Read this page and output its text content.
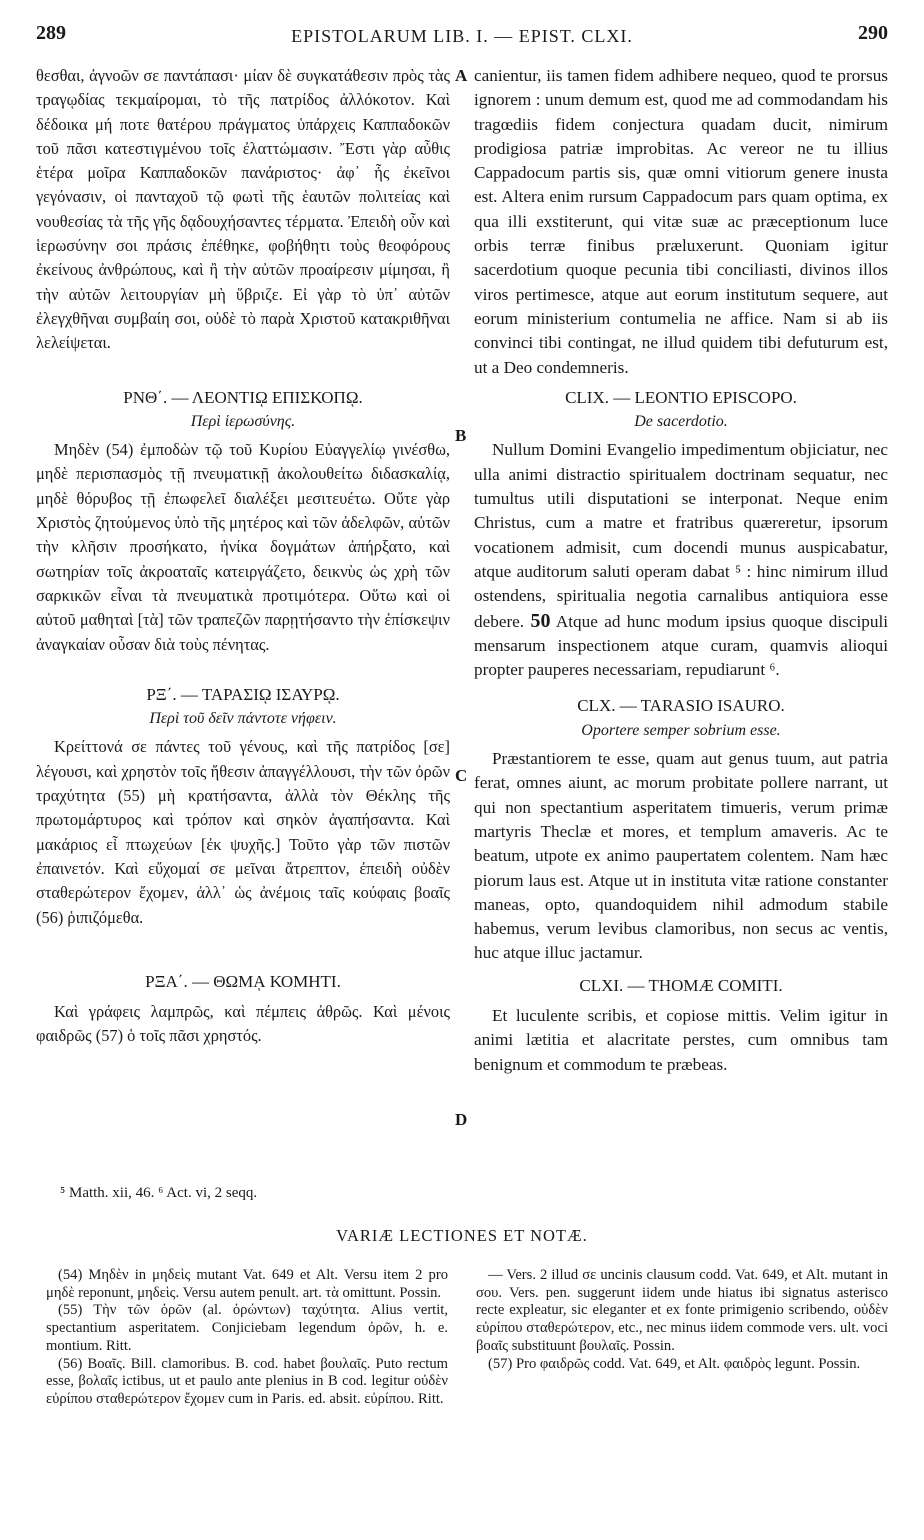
289	EPISTOLARUM LIB. I. — EPIST. CLXI.	290
A
B
C
D

θεσθαι, ἀγνοῶν σε παντάπασι· μίαν δὲ συγκατάθεσιν πρὸς τὰς τραγῳδίας τεκμαίρομαι, τὸ τῆς πατρίδος ἀλλόκοτον. Καὶ δέδοικα μή ποτε θατέρου πράγματος ὑπάρχεις Καππαδοκῶν τοῦ πᾶσι κατεστιγμένου τοῖς ἐλαττώμασιν. Ἔστι γὰρ αὖθις ἑτέρα μοῖρα Καππαδοκῶν πανάριστος· ἀφ᾽ ἧς ἐκεῖνοι γεγόνασιν, οἱ πανταχοῦ τῷ φωτὶ τῆς ἑαυτῶν πολιτείας καὶ νουθεσίας τὰ τῆς γῆς δᾳδουχήσαντες τέρματα. Ἐπειδὴ οὖν καὶ ἱερωσύνην σοι πράσις ἐπέθηκε, φοβήθητι τοὺς θεοφόρους ἐκείνους ἀνθρώπους, καὶ ἢ τὴν αὐτῶν προαίρεσιν μίμησαι, ἢ τὴν αὐτῶν λειτουργίαν μὴ ὕβριζε. Εἰ γὰρ τὸ ὑπ᾽ αὐτῶν ἐλεγχθῆναι συμβαίη σοι, οὐδὲ τὸ παρὰ Χριστοῦ κατακριθῆναι λελείψεται.

ΡΝΘ΄. — ΛΕΟΝΤΙῼ ΕΠΙΣΚΟΠῼ.
Περὶ ἱερωσύνης.

Μηδὲν (54) ἐμποδὼν τῷ τοῦ Κυρίου Εὐαγγελίῳ γινέσθω, μηδὲ περισπασμὸς τῇ πνευματικῇ ἀκολουθείτω διδασκαλίᾳ, μηδὲ θόρυβος τῇ ἐπωφελεῖ διαλέξει μεσιτευέτω. Οὔτε γὰρ Χριστὸς ζητούμενος ὑπὸ τῆς μητέρος καὶ τῶν ἀδελφῶν, αὐτῶν τὴν κλῆσιν προσήκατο, ἡνίκα δογμάτων ἀπήρξατο, καὶ σωτηρίαν τοῖς ἀκροαταῖς κατειργάζετο, δεικνὺς ὡς χρὴ τῶν σαρκικῶν εἶναι τὰ πνευματικὰ προτιμότερα. Οὕτω καὶ οἱ αὐτοῦ μαθηταὶ [τὰ] τῶν τραπεζῶν παρῃτήσαντο τὴν ἐπίσκεψιν ἀναγκαίαν οὖσαν διὰ τοὺς πένητας.

ΡΞ΄. — ΤΑΡΑΣΙῼ ΙΣΑΥΡῼ.
Περὶ τοῦ δεῖν πάντοτε νήφειν.

Κρείττονά σε πάντες τοῦ γένους, καὶ τῆς πατρίδος [σε] λέγουσι, καὶ χρηστὸν τοῖς ἤθεσιν ἀπαγγέλλουσι, τὴν τῶν ὀρῶν τραχύτητα (55) μὴ κρατήσαντα, ἀλλὰ τὸν Θέκλης τῆς πρωτομάρτυρος καὶ τρόπον καὶ σηκὸν ἀγαπήσαντα. Καὶ μακάριος εἶ πτωχεύων [ἐκ ψυχῆς.] Τοῦτο γὰρ τῶν πιστῶν ἐπαινετόν. Καὶ εὔχομαί σε μεῖναι ἄτρεπτον, ἐπειδὴ οὐδὲν σταθερώτερον ἔχομεν, ἀλλ᾽ ὡς ἀνέμοις ταῖς κούφαις βοαῖς (56) ῥιπιζόμεθα.

ΡΞΑ΄. — ΘΩΜᾼ ΚΟΜΗΤΙ.

Καὶ γράφεις λαμπρῶς, καὶ πέμπεις ἀθρῶς. Καὶ μένοις φαιδρῶς (57) ὁ τοῖς πᾶσι χρηστός.

canientur, iis tamen fidem adhibere nequeo, quod te prorsus ignorem : unum demum est, quod me ad commodandam his tragœdiis fidem conjectura quadam ducit, nimirum prodigiosa patriæ improbitas. Ac vereor ne tu illius Cappadocum partis sis, quæ omni vitiorum genere inusta est. Altera enim rursum Cappadocum pars quam optima, ex qua illi exstiterunt, qui vitæ suæ ac præceptionum luce orbis terræ finibus præluxerunt. Quoniam igitur sacerdotium quoque pecunia tibi conciliasti, divinos illos viros pertimesce, atque aut eorum institutum sequere, aut eorum ministerium contumelia ne affice. Nam si ab iis convinci tibi contingat, ne illud quidem tibi defuturum est, ut a Deo condemneris.

CLIX. — LEONTIO EPISCOPO.
De sacerdotio.

Nullum Domini Evangelio impedimentum objiciatur, nec ulla animi distractio spiritualem doctrinam sequatur, nec tumultus utili disputationi se interponat. Neque enim Christus, cum a matre et fratribus quæreretur, ipsorum vocationem admisit, cum docendi munus auspicabatur, atque auditorum saluti operam dabat ⁵ : hinc nimirum illud ostendens, spiritualia negotia carnalibus antiquiora esse debere. 50 Atque ad hunc modum ipsius quoque discipuli mensarum inspectionem atque curam, quamvis alioqui propter pauperes necessariam, repudiarunt ⁶.

CLX. — TARASIO ISAURO.
Oportere semper sobrium esse.

Præstantiorem te esse, quam aut genus tuum, aut patria ferat, omnes aiunt, ac morum probitate pollere narrant, ut qui non spectantium asperitatem timueris, verum primæ martyris Theclæ et mores, et templum amaveris. Ac te beatum, utpote ex animo paupertatem colentem. Nam hæc piorum laus est. Atque ut in instituta vitæ ratione constanter maneas, opto, quandoquidem nihil admodum stabile habemus, verum levibus clamoribus, non secus ac ventis, huc atque illuc jactamur.

CLXI. — THOMÆ COMITI.

Et luculente scribis, et copiose mittis. Velim igitur in animi lætitia et alacritate perstes, cum omnibus tam benignum et commodum te præbeas.

⁵ Matth. xii, 46. ⁶ Act. vi, 2 seqq.
VARIÆ LECTIONES ET NOTÆ.

(54) Μηδὲν in μηδεὶς mutant Vat. 649 et Alt. Versu item 2 pro μηδὲ reponunt, μηδεὶς. Versu autem penult. art. τὰ omittunt. Possin.

(55) Τὴν τῶν ὀρῶν (al. ὁρώντων) ταχύτητα. Alius vertit, spectantium asperitatem. Conjiciebam legendum ὀρῶν, h. e. montium. Ritt.

(56) Βοαῖς. Bill. clamoribus. B. cod. habet βουλαῖς. Puto rectum esse, βολαῖς ictibus, ut et paulo ante plenius in B cod. legitur οὐδὲν εὐρίπου σταθερώτερον ἔχομεν cum in Paris. ed. absit. εὐρίπου. Ritt.

— Vers. 2 illud σε uncinis clausum codd. Vat. 649, et Alt. mutant in σου. Vers. pen. suggerunt iidem unde hiatus ibi signatus asterisco recte expleatur, sic eleganter et ex fonte primigenio scribendo, οὐδὲν εὐρίπου σταθερώτερον, etc., nec minus iidem commode vers. ult. voci βοαῖς substituunt βουλαῖς. Possin.

(57) Pro φαιδρῶς codd. Vat. 649, et Alt. φαιδρὸς legunt. Possin.
